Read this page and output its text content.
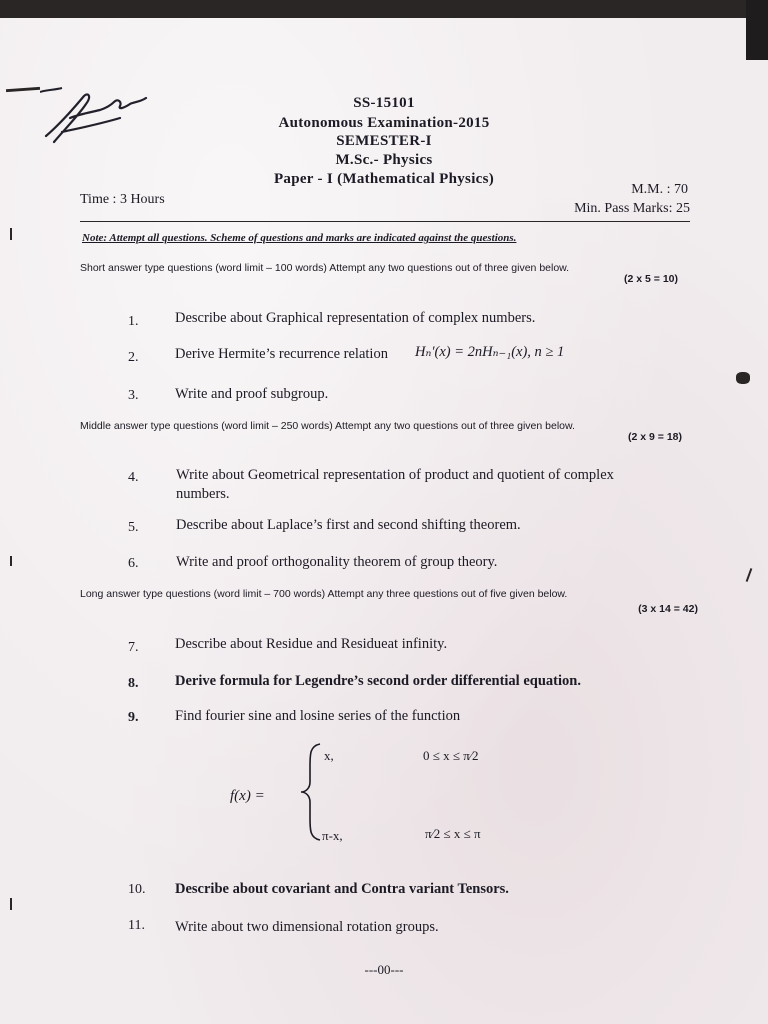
SS-15101
Autonomous Examination-2015
SEMESTER-I
M.Sc.- Physics
Paper - I (Mathematical Physics)
Time : 3 Hours
M.M. : 70
Min. Pass Marks: 25
Note: Attempt all questions. Scheme of questions and marks are indicated against the questions.
Short answer type questions (word limit – 100 words) Attempt any two questions out of three given below.
(2 x 5 = 10)
1.	Describe about Graphical representation of complex numbers.
2.	Derive Hermite’s recurrence relation Hₙ′(x) = 2nHₙ₋₁(x), n ≥ 1
3.	Write and proof subgroup.
Middle answer type questions (word limit – 250 words) Attempt any two questions out of three given below.
(2 x 9 = 18)
4.	Write about Geometrical representation of product and quotient of complex
numbers.
5.	Describe about Laplace’s first and second shifting theorem.
6.	Write and proof orthogonality theorem of group theory.
Long answer type questions (word limit – 700 words) Attempt any three questions out of five given below.
(3 x 14 = 42)
7.	Describe about Residue and Residueat infinity.
8.	Derive formula for Legendre’s second order differential equation.
9.	Find fourier sine and losine series of the function
f(x) =
x,	0 ≤ x ≤ π⁄2
π-x,	π⁄2 ≤ x ≤ π
10. Describe about covariant and Contra variant Tensors.
11. Write about two dimensional rotation groups.
---00---
